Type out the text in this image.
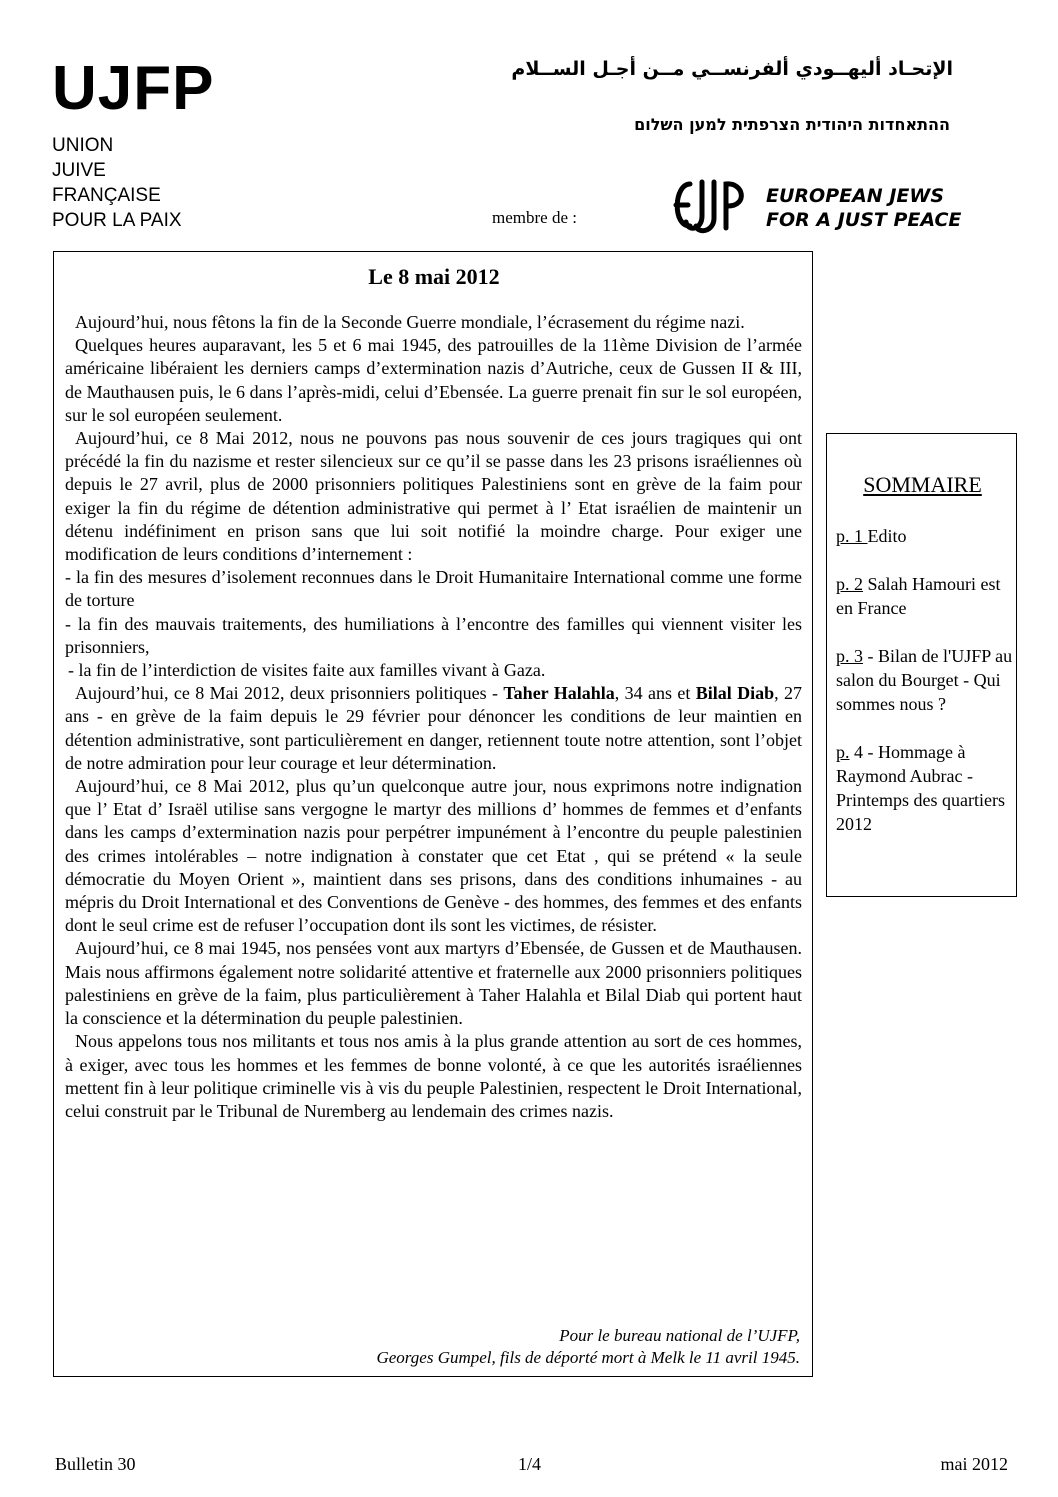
UJFP
UNION
JUIVE
FRANÇAISE
POUR LA PAIX
الإتحـاد أليهــودي ألفرنســي مــن أجـل الســلام
ההתאחדות היהודית הצרפתית למען השלום
membre de :
EUROPEAN JEWS
FOR A JUST PEACE
Le 8 mai 2012

Aujourd’hui, nous fêtons la fin de la Seconde Guerre mondiale, l’écrasement du régime nazi.

Quelques heures auparavant, les 5 et 6 mai 1945, des patrouilles de la 11ème Division de l’armée américaine libéraient les derniers camps d’extermination nazis d’Autriche, ceux de Gussen II & III, de Mauthausen puis, le 6 dans l’après-midi, celui d’Ebensée. La guerre prenait fin sur le sol européen, sur le sol européen seulement.

Aujourd’hui, ce 8 Mai 2012, nous ne pouvons pas nous souvenir de ces jours tragiques qui ont précédé la fin du nazisme et rester silencieux sur ce qu’il se passe dans les 23 prisons israéliennes où depuis le 27 avril, plus de 2000 prisonniers politiques Palestiniens sont en grève de la faim pour exiger la fin du régime de détention administrative qui permet à l’ Etat israélien de maintenir un détenu indéfiniment en prison sans que lui soit notifié la moindre charge. Pour exiger une modification de leurs conditions d’internement :

- la fin des mesures d’isolement reconnues dans le Droit Humanitaire International comme une forme de torture

- la fin des mauvais traitements, des humiliations à l’encontre des familles qui viennent visiter les prisonniers,

- la fin de l’interdiction de visites faite aux familles vivant à Gaza.

Aujourd’hui, ce 8 Mai 2012, deux prisonniers politiques - Taher Halahla, 34 ans et Bilal Diab, 27 ans - en grève de la faim depuis le 29 février pour dénoncer les conditions de leur maintien en détention administrative, sont particulièrement en danger, retiennent toute notre attention, sont l’objet de notre admiration pour leur courage et leur détermination.

Aujourd’hui, ce 8 Mai 2012, plus qu’un quelconque autre jour, nous exprimons notre indignation que l’ Etat d’ Israël utilise sans vergogne le martyr des millions d’ hommes de femmes et d’enfants dans les camps d’extermination nazis pour perpétrer impunément à l’encontre du peuple palestinien des crimes intolérables – notre indignation à constater que cet Etat , qui se prétend « la seule démocratie du Moyen Orient », maintient dans ses prisons, dans des conditions inhumaines - au mépris du Droit International et des Conventions de Genève - des hommes, des femmes et des enfants dont le seul crime est de refuser l’occupation dont ils sont les victimes, de résister.

Aujourd’hui, ce 8 mai 1945, nos pensées vont aux martyrs d’Ebensée, de Gussen et de Mauthausen. Mais nous affirmons également notre solidarité attentive et fraternelle aux 2000 prisonniers politiques palestiniens en grève de la faim, plus particulièrement à Taher Halahla et Bilal Diab qui portent haut la conscience et la détermination du peuple palestinien.

Nous appelons tous nos militants et tous nos amis à la plus grande attention au sort de ces hommes, à exiger, avec tous les hommes et les femmes de bonne volonté, à ce que les autorités israéliennes mettent fin à leur politique criminelle vis à vis du peuple Palestinien, respectent le Droit International, celui construit par le Tribunal de Nuremberg au lendemain des crimes nazis.

Pour le bureau national de l’UJFP,
Georges Gumpel, fils de déporté mort à Melk le 11 avril 1945.
SOMMAIRE
p. 1 Edito
p. 2 Salah Hamouri est en France
p. 3 - Bilan de l'UJFP au salon du Bourget - Qui sommes nous ?
p. 4 - Hommage à Raymond Aubrac - Printemps des quartiers 2012
Bulletin 30	1/4	mai 2012
